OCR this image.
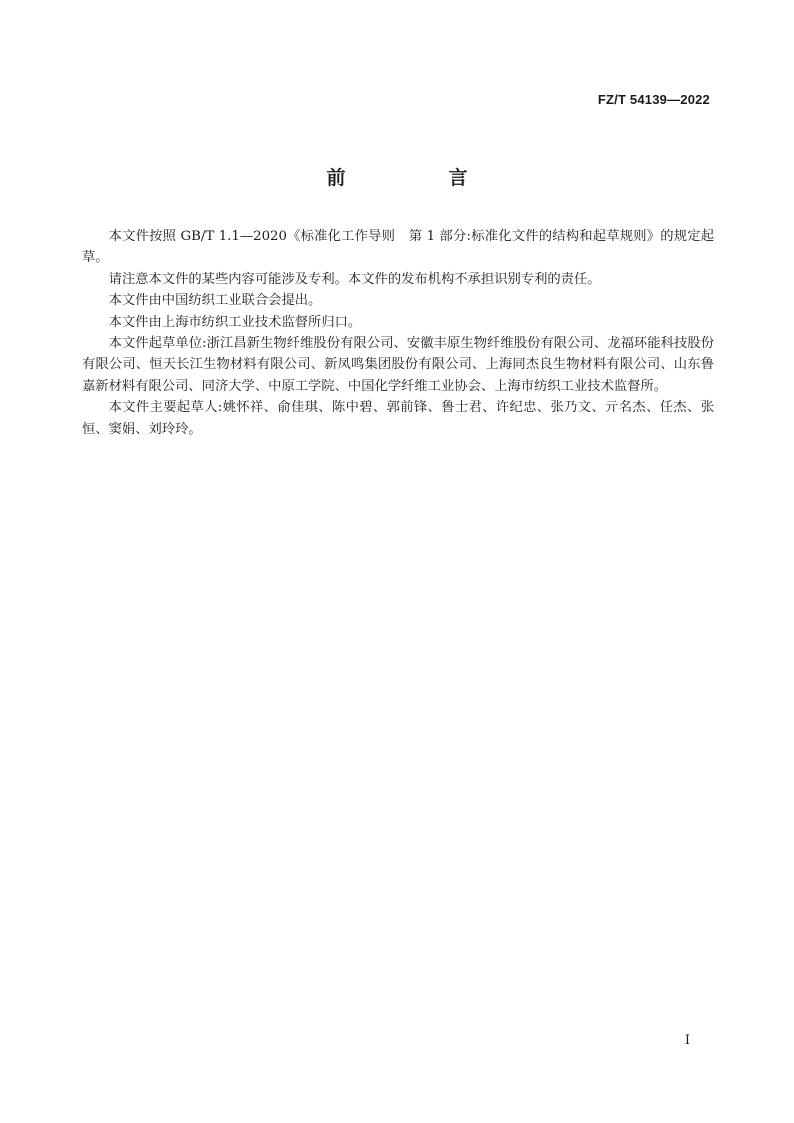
FZ/T 54139—2022
前　言

本文件按照 GB/T 1.1—2020《标准化工作导则　第 1 部分:标准化文件的结构和起草规则》的规定起草。

请注意本文件的某些内容可能涉及专利。本文件的发布机构不承担识别专利的责任。

本文件由中国纺织工业联合会提出。

本文件由上海市纺织工业技术监督所归口。

本文件起草单位:浙江昌新生物纤维股份有限公司、安徽丰原生物纤维股份有限公司、龙福环能科技股份有限公司、恒天长江生物材料有限公司、新凤鸣集团股份有限公司、上海同杰良生物材料有限公司、山东鲁嘉新材料有限公司、同济大学、中原工学院、中国化学纤维工业协会、上海市纺织工业技术监督所。

本文件主要起草人:姚怀祥、俞佳琪、陈中碧、郭前锋、鲁士君、许纪忠、张乃文、亓名杰、任杰、张恒、窦娟、刘玲玲。

I
